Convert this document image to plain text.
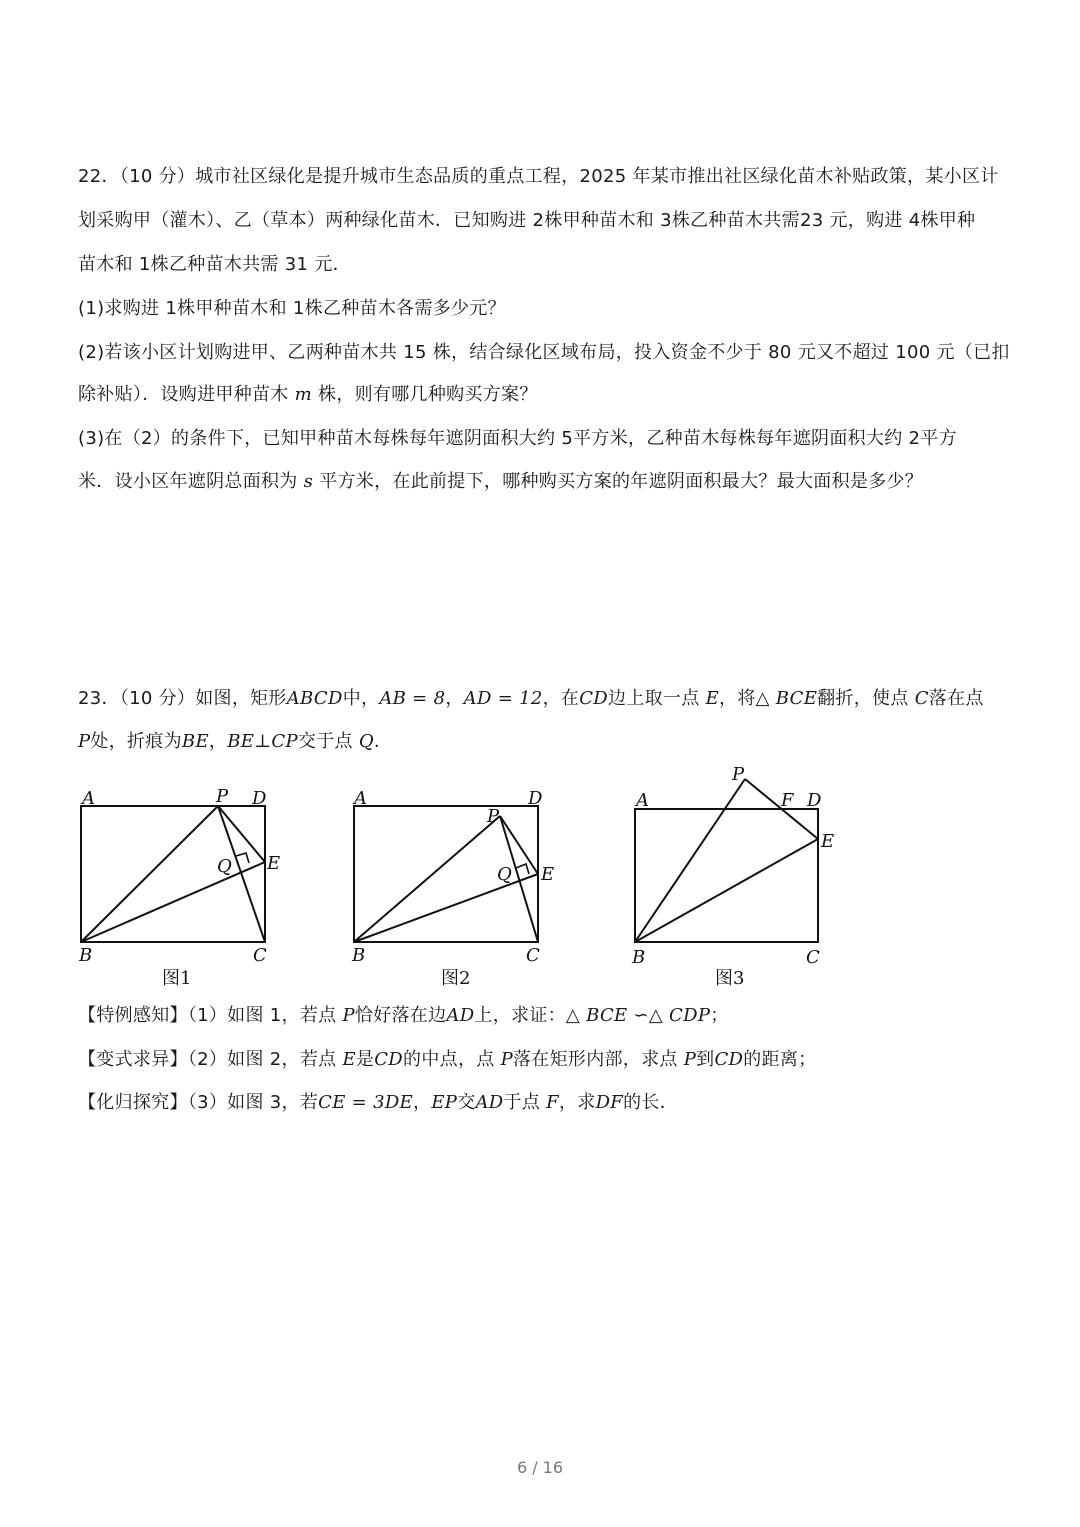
22．（10 分）城市社区绿化是提升城市生态品质的重点工程，2025 年某市推出社区绿化苗木补贴政策，某小区计
划采购甲（灌木）、乙（草本）两种绿化苗木．已知购进 2株甲种苗木和 3株乙种苗木共需23 元，购进 4株甲种
苗木和 1株乙种苗木共需 31 元．
(1)求购进 1株甲种苗木和 1株乙种苗木各需多少元？
(2)若该小区计划购进甲、乙两种苗木共 15 株，结合绿化区域布局，投入资金不少于 80 元又不超过 100 元（已扣
除补贴）．设购进甲种苗木 m 株，则有哪几种购买方案？
(3)在（2）的条件下，已知甲种苗木每株每年遮阴面积大约 5平方米，乙种苗木每株每年遮阴面积大约 2平方
米．设小区年遮阴总面积为 s 平方米，在此前提下，哪种购买方案的年遮阴面积最大？最大面积是多少？
23．（10 分）如图，矩形ABCD中，AB = 8，AD = 12，在CD边上取一点 E，将△ BCE翻折，使点 C落在点
P处，折痕为BE，BE⊥CP交于点 Q.
A	P D
Q E
B	C
A	D
P
Q E
B	C
P
A	F D
E
B	C
图1	图2	图3
【特例感知】（1）如图 1，若点 P恰好落在边AD上，求证：△ BCE ∽△ CDP；
【变式求异】（2）如图 2，若点 E是CD的中点，点 P落在矩形内部，求点 P到CD的距离；
【化归探究】（3）如图 3，若CE = 3DE，EP交AD于点 F，求DF的长．
6 / 16
